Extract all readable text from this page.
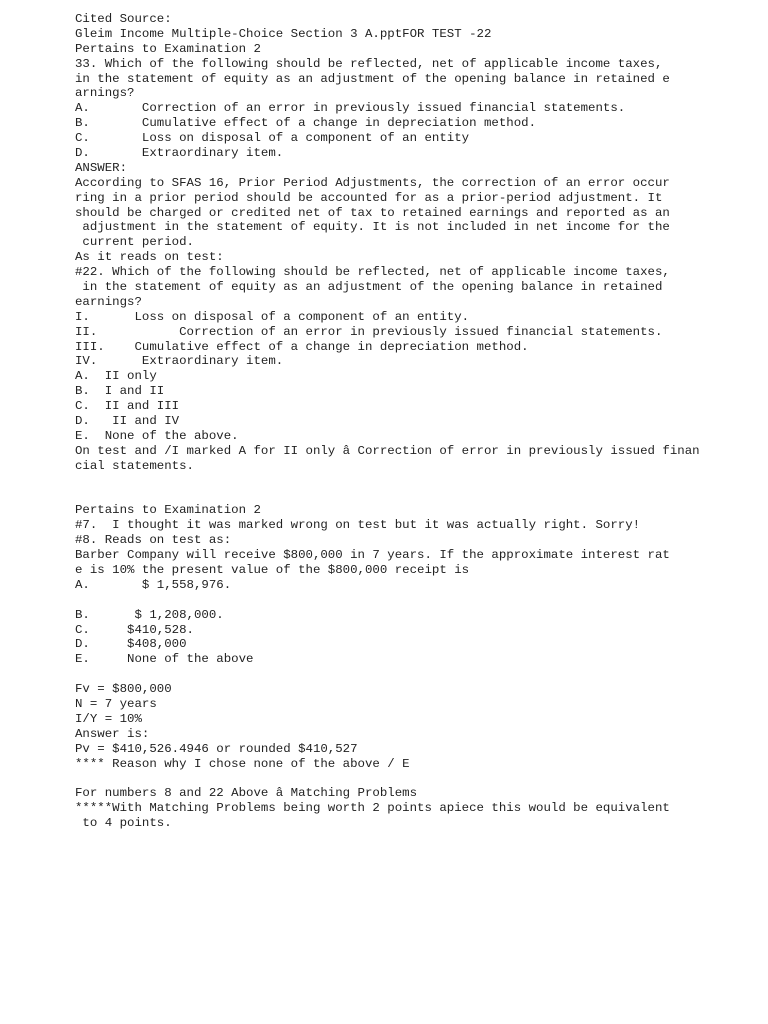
Cited Source:
Gleim Income Multiple-Choice Section 3 A.pptFOR TEST -22
Pertains to Examination 2
33. Which of the following should be reflected, net of applicable income taxes,
in the statement of equity as an adjustment of the opening balance in retained e
arnings?
A.       Correction of an error in previously issued financial statements.
B.       Cumulative effect of a change in depreciation method.
C.       Loss on disposal of a component of an entity
D.       Extraordinary item.
ANSWER:
According to SFAS 16, Prior Period Adjustments, the correction of an error occur
ring in a prior period should be accounted for as a prior-period adjustment. It
should be charged or credited net of tax to retained earnings and reported as an
adjustment in the statement of equity. It is not included in net income for the
current period.
As it reads on test:
#22. Which of the following should be reflected, net of applicable income taxes,
in the statement of equity as an adjustment of the opening balance in retained
earnings?
I.      Loss on disposal of a component of an entity.
II.           Correction of an error in previously issued financial statements.
III.    Cumulative effect of a change in depreciation method.
IV.      Extraordinary item.
A.  II only
B.  I and II
C.  II and III
D.   II and IV
E.  None of the above.
On test and /I marked A for II only â Correction of error in previously issued finan
cial statements.
Pertains to Examination 2
#7.  I thought it was marked wrong on test but it was actually right. Sorry!
#8. Reads on test as:
Barber Company will receive $800,000 in 7 years. If the approximate interest rat
e is 10% the present value of the $800,000 receipt is
A.       $ 1,558,976.
B.      $ 1,208,000.
C.     $410,528.
D.     $408,000
E.     None of the above
Fv = $800,000
N = 7 years
I/Y = 10%
Answer is:
Pv = $410,526.4946 or rounded $410,527
**** Reason why I chose none of the above / E
For numbers 8 and 22 Above â Matching Problems
*****With Matching Problems being worth 2 points apiece this would be equivalent
to 4 points.
